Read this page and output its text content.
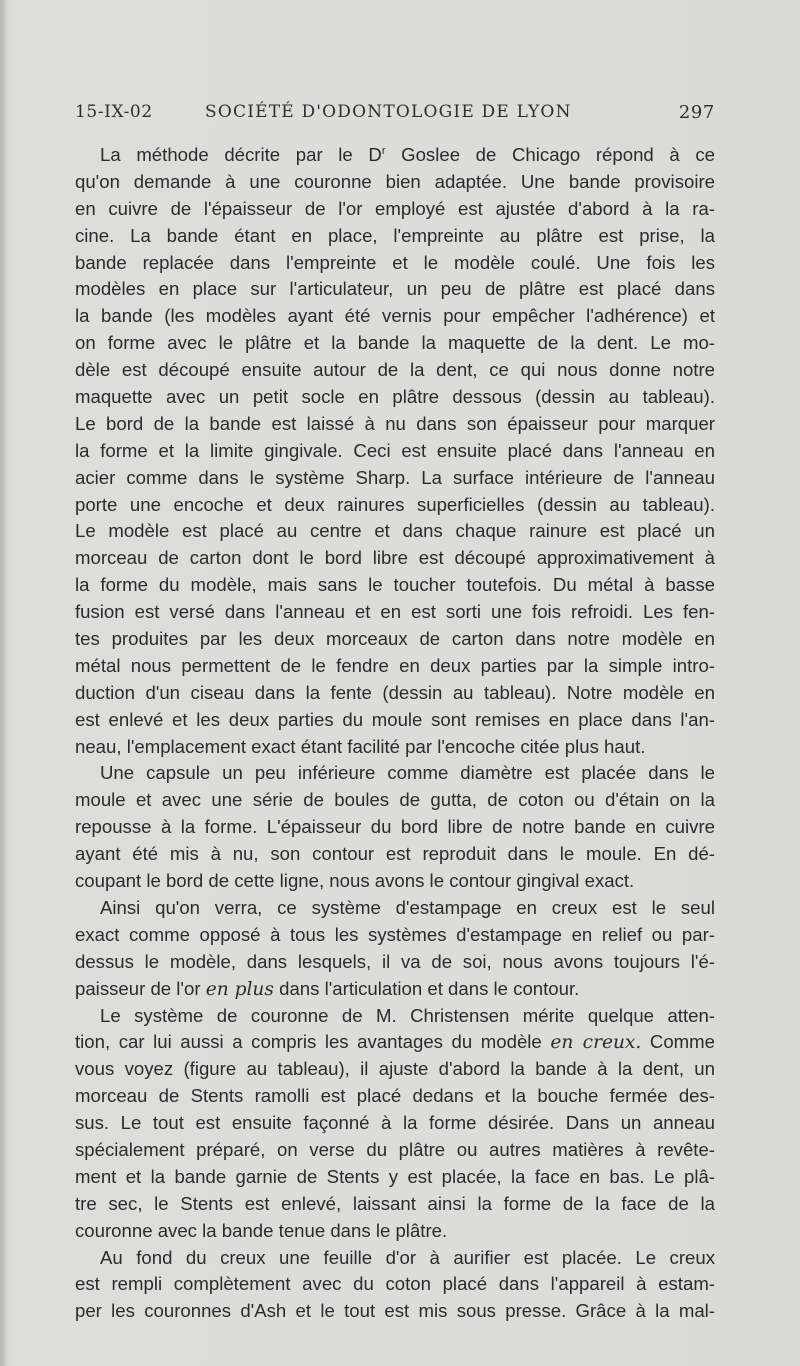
15-IX-02	SOCIÉTÉ D'ODONTOLOGIE DE LYON	297
La méthode décrite par le $D^r$ Goslee de Chicago répond à ce
qu'on demande à une couronne bien adaptée. Une bande provisoire
en cuivre de l'épaisseur de l'or employé est ajustée d'abord à la ra-
cine. La bande étant en place, l'empreinte au plâtre est prise, la
bande replacée dans l'empreinte et le modèle coulé. Une fois les
modèles en place sur l'articulateur, un peu de plâtre est placé dans
la bande (les modèles ayant été vernis pour empêcher l'adhérence) et
on forme avec le plâtre et la bande la maquette de la dent. Le mo-
dèle est découpé ensuite autour de la dent, ce qui nous donne notre
maquette avec un petit socle en plâtre dessous (dessin au tableau).
Le bord de la bande est laissé à nu dans son épaisseur pour marquer
la forme et la limite gingivale. Ceci est ensuite placé dans l'anneau en
acier comme dans le système Sharp. La surface intérieure de l'anneau
porte une encoche et deux rainures superficielles (dessin au tableau).
Le modèle est placé au centre et dans chaque rainure est placé un
morceau de carton dont le bord libre est découpé approximativement à
la forme du modèle, mais sans le toucher toutefois. Du métal à basse
fusion est versé dans l'anneau et en est sorti une fois refroidi. Les fen-
tes produites par les deux morceaux de carton dans notre modèle en
métal nous permettent de le fendre en deux parties par la simple intro-
duction d'un ciseau dans la fente (dessin au tableau). Notre modèle en
est enlevé et les deux parties du moule sont remises en place dans l'an-
neau, l'emplacement exact étant facilité par l'encoche citée plus haut.
Une capsule un peu inférieure comme diamètre est placée dans le
moule et avec une série de boules de gutta, de coton ou d'étain on la
repousse à la forme. L'épaisseur du bord libre de notre bande en cuivre
ayant été mis à nu, son contour est reproduit dans le moule. En dé-
coupant le bord de cette ligne, nous avons le contour gingival exact.
Ainsi qu'on verra, ce système d'estampage en creux est le seul
exact comme opposé à tous les systèmes d'estampage en relief ou par-
dessus le modèle, dans lesquels, il va de soi, nous avons toujours l'é-
paisseur de l'or en plus dans l'articulation et dans le contour.
Le système de couronne de M. Christensen mérite quelque atten-
tion, car lui aussi a compris les avantages du modèle en creux. Comme
vous voyez (figure au tableau), il ajuste d'abord la bande à la dent, un
morceau de Stents ramolli est placé dedans et la bouche fermée des-
sus. Le tout est ensuite façonné à la forme désirée. Dans un anneau
spécialement préparé, on verse du plâtre ou autres matières à revête-
ment et la bande garnie de Stents y est placée, la face en bas. Le plâ-
tre sec, le Stents est enlevé, laissant ainsi la forme de la face de la
couronne avec la bande tenue dans le plâtre.
Au fond du creux une feuille d'or à aurifier est placée. Le creux
est rempli complètement avec du coton placé dans l'appareil à estam-
per les couronnes d'Ash et le tout est mis sous presse. Grâce à la mal-
